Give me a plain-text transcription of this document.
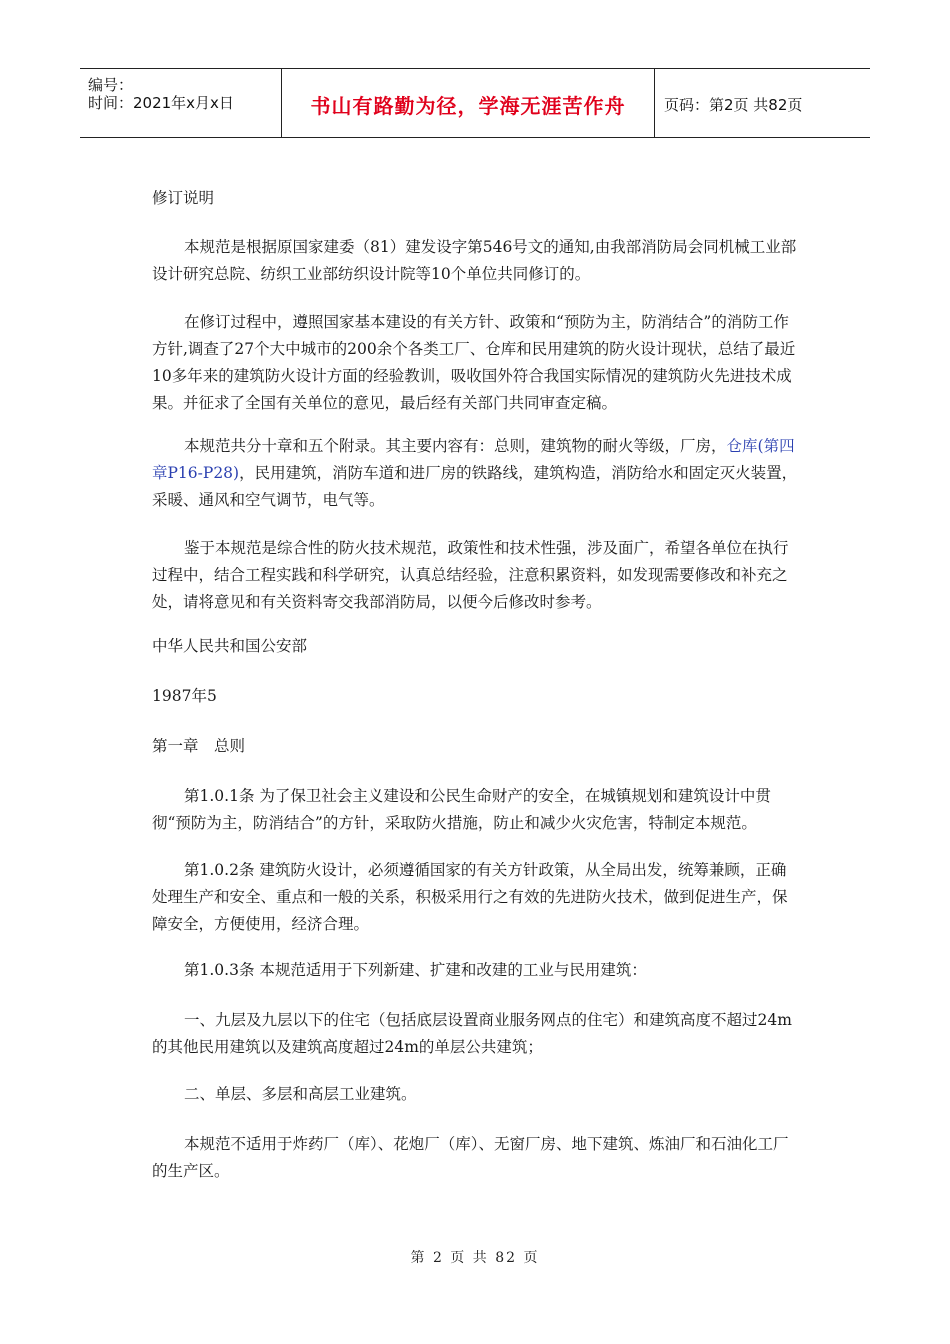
编号：
时间：2021年x月x日	书山有路勤为径，学海无涯苦作舟	页码：第2页 共82页

修订说明

本规范是根据原国家建委（81）建发设字第546号文的通知,由我部消防局会同机械工业部设计研究总院、纺织工业部纺织设计院等10个单位共同修订的。

在修订过程中，遵照国家基本建设的有关方针、政策和“预防为主，防消结合”的消防工作方针,调查了27个大中城市的200余个各类工厂、仓库和民用建筑的防火设计现状，总结了最近10多年来的建筑防火设计方面的经验教训，吸收国外符合我国实际情况的建筑防火先进技术成果。并征求了全国有关单位的意见，最后经有关部门共同审查定稿。

本规范共分十章和五个附录。其主要内容有：总则，建筑物的耐火等级，厂房，仓库(第四章P16-P28)，民用建筑，消防车道和进厂房的铁路线，建筑构造，消防给水和固定灭火装置，采暖、通风和空气调节，电气等。

鉴于本规范是综合性的防火技术规范，政策性和技术性强，涉及面广，希望各单位在执行过程中，结合工程实践和科学研究，认真总结经验，注意积累资料，如发现需要修改和补充之处，请将意见和有关资料寄交我部消防局，以便今后修改时参考。

中华人民共和国公安部

1987年5

第一章　总则

第1.0.1条 为了保卫社会主义建设和公民生命财产的安全，在城镇规划和建筑设计中贯彻“预防为主，防消结合”的方针，采取防火措施，防止和减少火灾危害，特制定本规范。

第1.0.2条 建筑防火设计，必须遵循国家的有关方针政策，从全局出发，统筹兼顾，正确处理生产和安全、重点和一般的关系，积极采用行之有效的先进防火技术，做到促进生产，保障安全，方便使用，经济合理。

第1.0.3条 本规范适用于下列新建、扩建和改建的工业与民用建筑：

一、九层及九层以下的住宅（包括底层设置商业服务网点的住宅）和建筑高度不超过24m的其他民用建筑以及建筑高度超过24m的单层公共建筑；

二、单层、多层和高层工业建筑。

本规范不适用于炸药厂（库）、花炮厂（库）、无窗厂房、地下建筑、炼油厂和石油化工厂的生产区。

第 2 页 共 82 页
